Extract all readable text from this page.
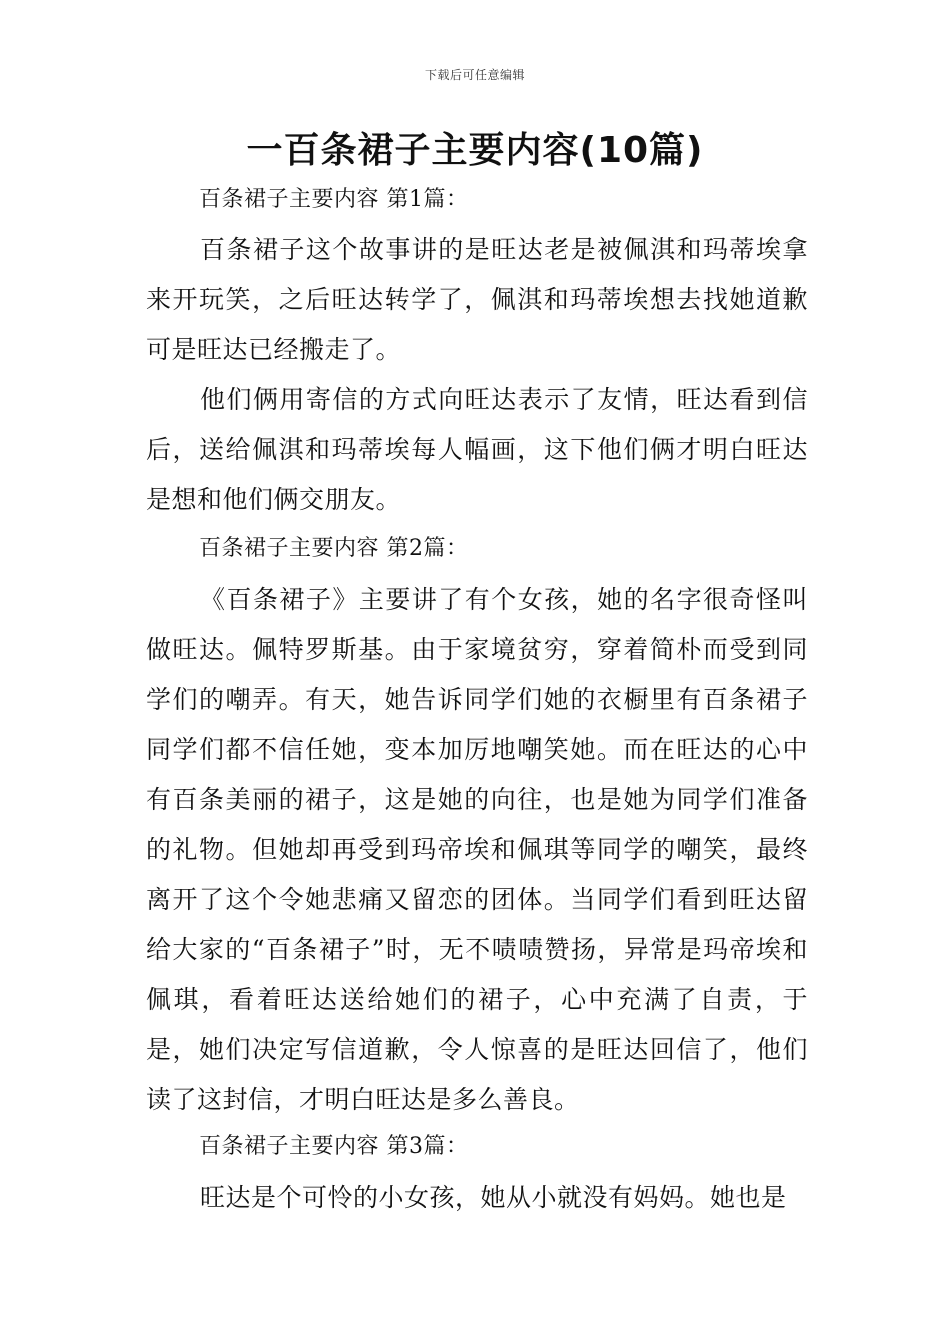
下载后可任意编辑
一百条裙子主要内容(10篇)
百条裙子主要内容 第1篇：

百条裙子这个故事讲的是旺达老是被佩淇和玛蒂埃拿来开玩笑，之后旺达转学了，佩淇和玛蒂埃想去找她道歉可是旺达已经搬走了。

他们俩用寄信的方式向旺达表示了友情，旺达看到信后，送给佩淇和玛蒂埃每人幅画，这下他们俩才明白旺达是想和他们俩交朋友。

百条裙子主要内容 第2篇：

《百条裙子》主要讲了有个女孩，她的名字很奇怪叫做旺达。佩特罗斯基。由于家境贫穷，穿着简朴而受到同学们的嘲弄。有天，她告诉同学们她的衣橱里有百条裙子同学们都不信任她，变本加厉地嘲笑她。而在旺达的心中有百条美丽的裙子，这是她的向往，也是她为同学们准备的礼物。但她却再受到玛帝埃和佩琪等同学的嘲笑，最终离开了这个令她悲痛又留恋的团体。当同学们看到旺达留给大家的“百条裙子”时，无不啧啧赞扬，异常是玛帝埃和佩琪，看着旺达送给她们的裙子，心中充满了自责，于是，她们决定写信道歉，令人惊喜的是旺达回信了，他们读了这封信，才明白旺达是多么善良。

百条裙子主要内容 第3篇：

旺达是个可怜的小女孩，她从小就没有妈妈。她也是
